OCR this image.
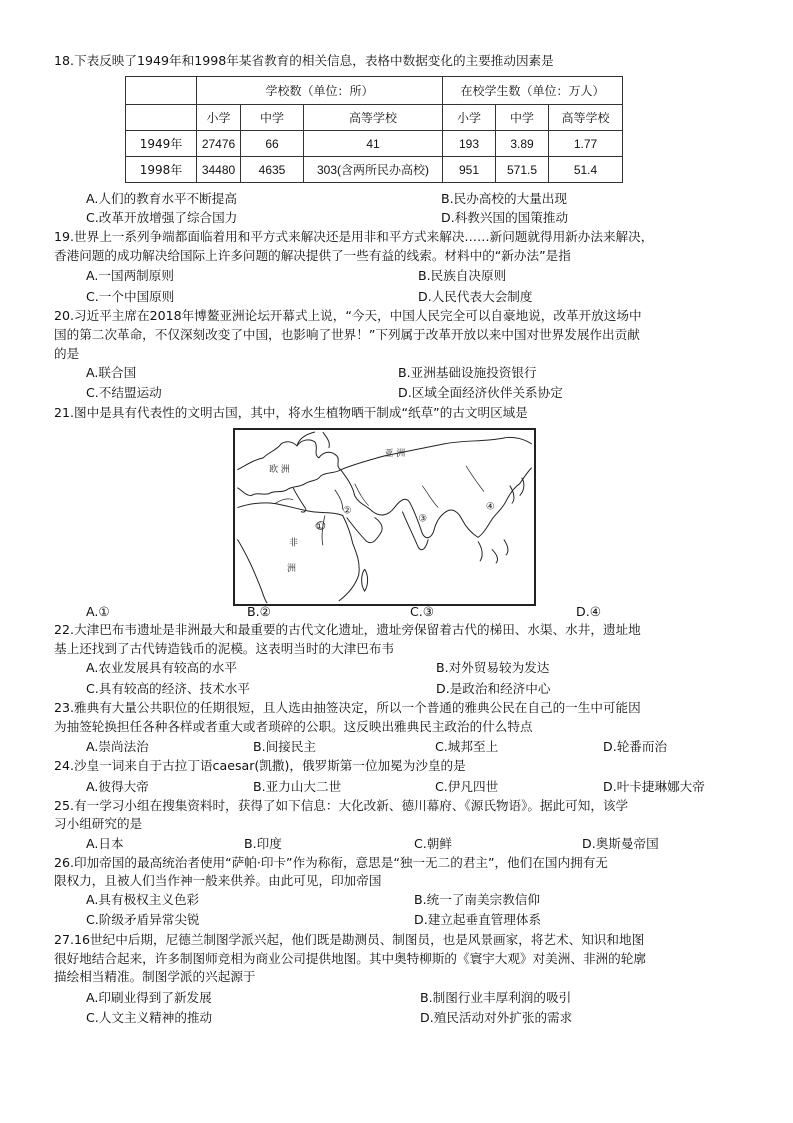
18.下表反映了1949年和1998年某省教育的相关信息，表格中数据变化的主要推动因素是
	学校数（单位：所）			在校学生数（单位：万人）		
	小学	中学	高等学校	小学	中学	高等学校
1949年	27476	66	41	193	3.89	1.77
1998年	34480	4635	303(含两所民办高校)	951	571.5	51.4
A.人们的教育水平不断提高	B.民办高校的大量出现
C.改革开放增强了综合国力	D.科教兴国的国策推动
19.世界上一系列争端都面临着用和平方式来解决还是用非和平方式来解决……新问题就得用新办法来解决，
香港问题的成功解决给国际上许多问题的解决提供了一些有益的线索。材料中的“新办法”是指
A.一国两制原则	B.民族自决原则
C.一个中国原则	D.人民代表大会制度
20.习近平主席在2018年博鳌亚洲论坛开幕式上说，“今天，中国人民完全可以自豪地说，改革开放这场中
国的第二次革命，不仅深刻改变了中国，也影响了世界！”下列属于改革开放以来中国对世界发展作出贡献
的是
A.联合国	B.亚洲基础设施投资银行
C.不结盟运动	D.区域全面经济伙伴关系协定
21.图中是具有代表性的文明古国，其中，将水生植物晒干制成“纸草”的古文明区域是
欧 洲
亚 洲
非
洲
①
②
③
④
A.①	B.②	C.③	D.④
22.大津巴布韦遗址是非洲最大和最重要的古代文化遗址，遗址旁保留着古代的梯田、水渠、水井，遗址地
基上还找到了古代铸造钱币的泥模。这表明当时的大津巴布韦
A.农业发展具有较高的水平	B.对外贸易较为发达
C.具有较高的经济、技术水平	D.是政治和经济中心
23.雅典有大量公共职位的任期很短，且人选由抽签决定，所以一个普通的雅典公民在自己的一生中可能因
为抽签轮换担任各种各样或者重大或者琐碎的公职。这反映出雅典民主政治的什么特点
A.崇尚法治	B.间接民主	C.城邦至上	D.轮番而治
24.沙皇一词来自于古拉丁语caesar(凯撒)，俄罗斯第一位加冕为沙皇的是
A.彼得大帝	B.亚力山大二世	C.伊凡四世	D.叶卡捷琳娜大帝
25.有一学习小组在搜集资料时，获得了如下信息：大化改新、德川幕府、《源氏物语》。据此可知，该学
习小组研究的是
A.日本	B.印度	C.朝鲜	D.奥斯曼帝国
26.印加帝国的最高统治者使用“萨帕·印卡”作为称衔，意思是“独一无二的君主”，他们在国内拥有无
限权力，且被人们当作神一般来供养。由此可见，印加帝国
A.具有极权主义色彩	B.统一了南美宗教信仰
C.阶级矛盾异常尖锐	D.建立起垂直管理体系
27.16世纪中后期，尼德兰制图学派兴起，他们既是勘测员、制图员，也是风景画家，将艺术、知识和地图
很好地结合起来，许多制图师竞相为商业公司提供地图。其中奥特柳斯的《寰宇大观》对美洲、非洲的轮廓
描绘相当精准。制图学派的兴起源于
A.印刷业得到了新发展	B.制图行业丰厚利润的吸引
C.人文主义精神的推动	D.殖民活动对外扩张的需求
